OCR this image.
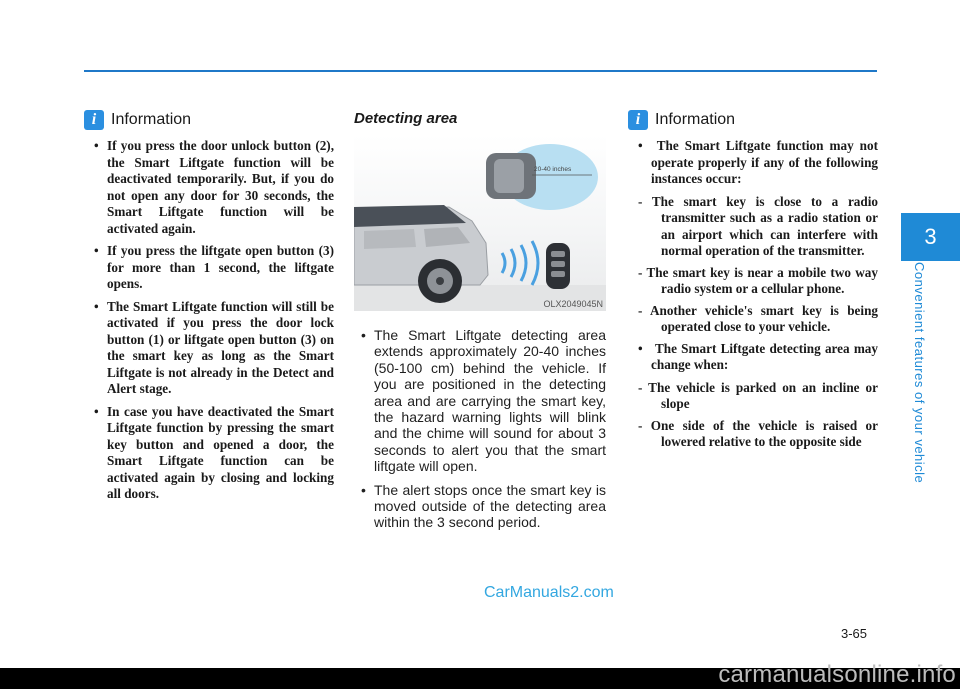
i Information
• If you press the door unlock button (2), the Smart Liftgate function will be deactivated temporarily. But, if you do not open any door for 30 seconds, the Smart Liftgate function will be activated again.
• If you press the liftgate open button (3) for more than 1 second, the liftgate opens.
• The Smart Liftgate function will still be activated if you press the door lock button (1) or liftgate open button (3) on the smart key as long as the Smart Liftgate is not already in the Detect and Alert stage.
• In case you have deactivated the Smart Liftgate function by pressing the smart key button and opened a door, the Smart Liftgate function can be activated again by closing and locking all doors.
Detecting area
20-40 inches
OLX2049045N
• The Smart Liftgate detecting area extends approximately 20-40 inches (50-100 cm) behind the vehicle. If you are positioned in the detecting area and are carrying the smart key, the hazard warning lights will blink and the chime will sound for about 3 seconds to alert you that the smart liftgate will open.
• The alert stops once the smart key is moved outside of the detecting area within the 3 second period.
i Information
• The Smart Liftgate function may not operate properly if any of the following instances occur:
- The smart key is close to a radio transmitter such as a radio station or an airport which can interfere with normal operation of the transmitter.
- The smart key is near a mobile two way radio system or a cellular phone.
- Another vehicle's smart key is being operated close to your vehicle.
• The Smart Liftgate detecting area may change when:
- The vehicle is parked on an incline or slope
- One side of the vehicle is raised or lowered relative to the opposite side
3
Convenient features of your vehicle
CarManuals2.com
3-65
carmanualsonline.info
